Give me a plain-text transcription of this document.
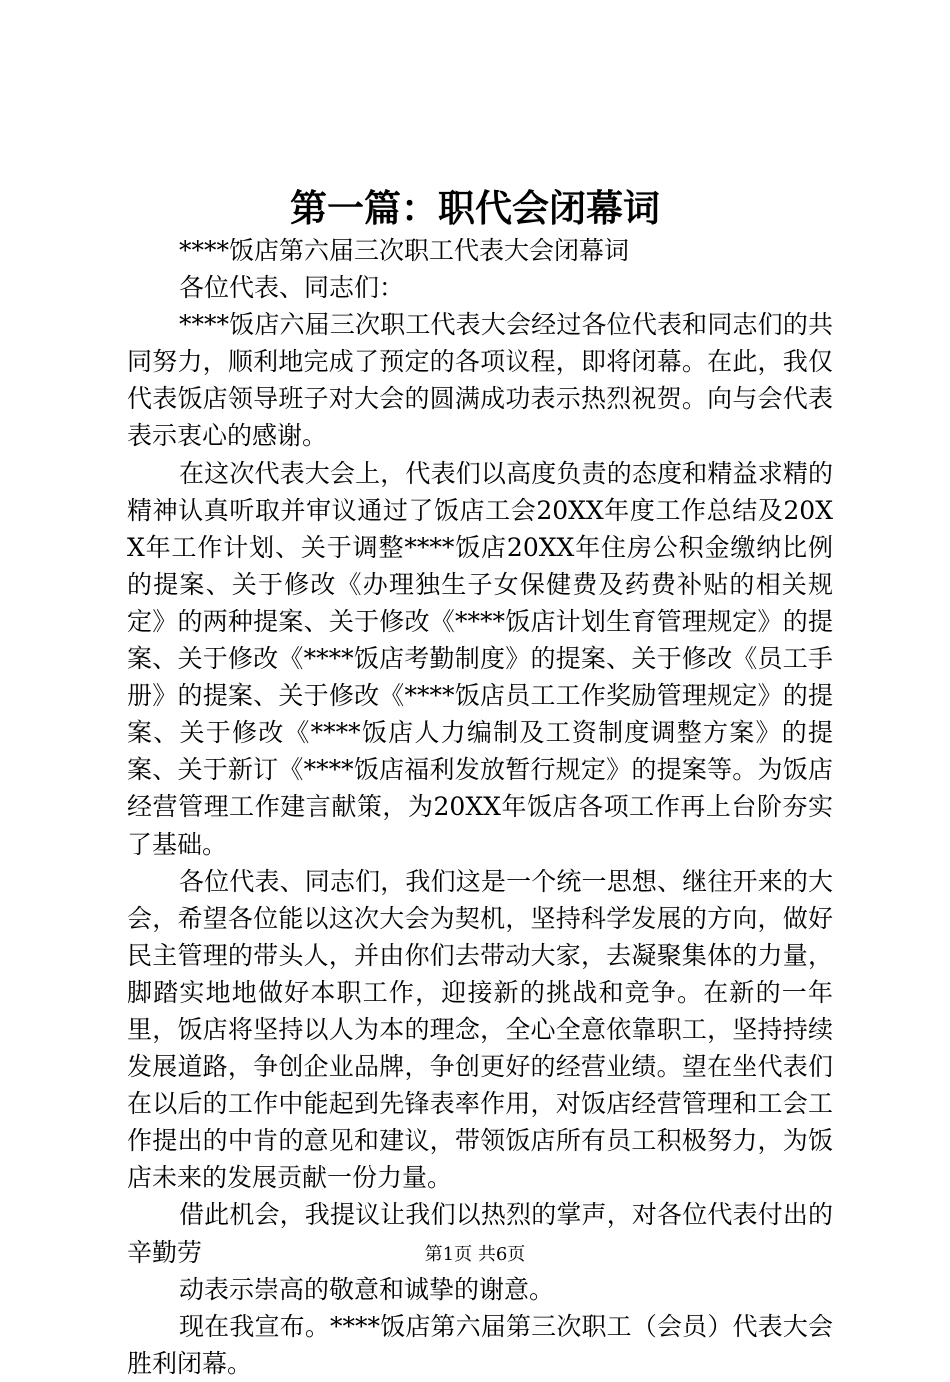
第一篇：职代会闭幕词

****饭店第六届三次职工代表大会闭幕词

各位代表、同志们：

****饭店六届三次职工代表大会经过各位代表和同志们的共同努力，顺利地完成了预定的各项议程，即将闭幕。在此，我仅代表饭店领导班子对大会的圆满成功表示热烈祝贺。向与会代表表示衷心的感谢。

在这次代表大会上，代表们以高度负责的态度和精益求精的精神认真听取并审议通过了饭店工会20XX年度工作总结及20XX年工作计划、关于调整****饭店20XX年住房公积金缴纳比例的提案、关于修改《办理独生子女保健费及药费补贴的相关规定》的两种提案、关于修改《****饭店计划生育管理规定》的提案、关于修改《****饭店考勤制度》的提案、关于修改《员工手册》的提案、关于修改《****饭店员工工作奖励管理规定》的提案、关于修改《****饭店人力编制及工资制度调整方案》的提案、关于新订《****饭店福利发放暂行规定》的提案等。为饭店经营管理工作建言献策，为20XX年饭店各项工作再上台阶夯实了基础。

各位代表、同志们，我们这是一个统一思想、继往开来的大会，希望各位能以这次大会为契机，坚持科学发展的方向，做好民主管理的带头人，并由你们去带动大家，去凝聚集体的力量，脚踏实地地做好本职工作，迎接新的挑战和竞争。在新的一年里，饭店将坚持以人为本的理念，全心全意依靠职工，坚持持续发展道路，争创企业品牌，争创更好的经营业绩。望在坐代表们在以后的工作中能起到先锋表率作用，对饭店经营管理和工会工作提出的中肯的意见和建议，带领饭店所有员工积极努力，为饭店未来的发展贡献一份力量。

借此机会，我提议让我们以热烈的掌声，对各位代表付出的辛勤劳

动表示崇高的敬意和诚挚的谢意。

现在我宣布。****饭店第六届第三次职工（会员）代表大会胜利闭幕。

第1页 共6页
